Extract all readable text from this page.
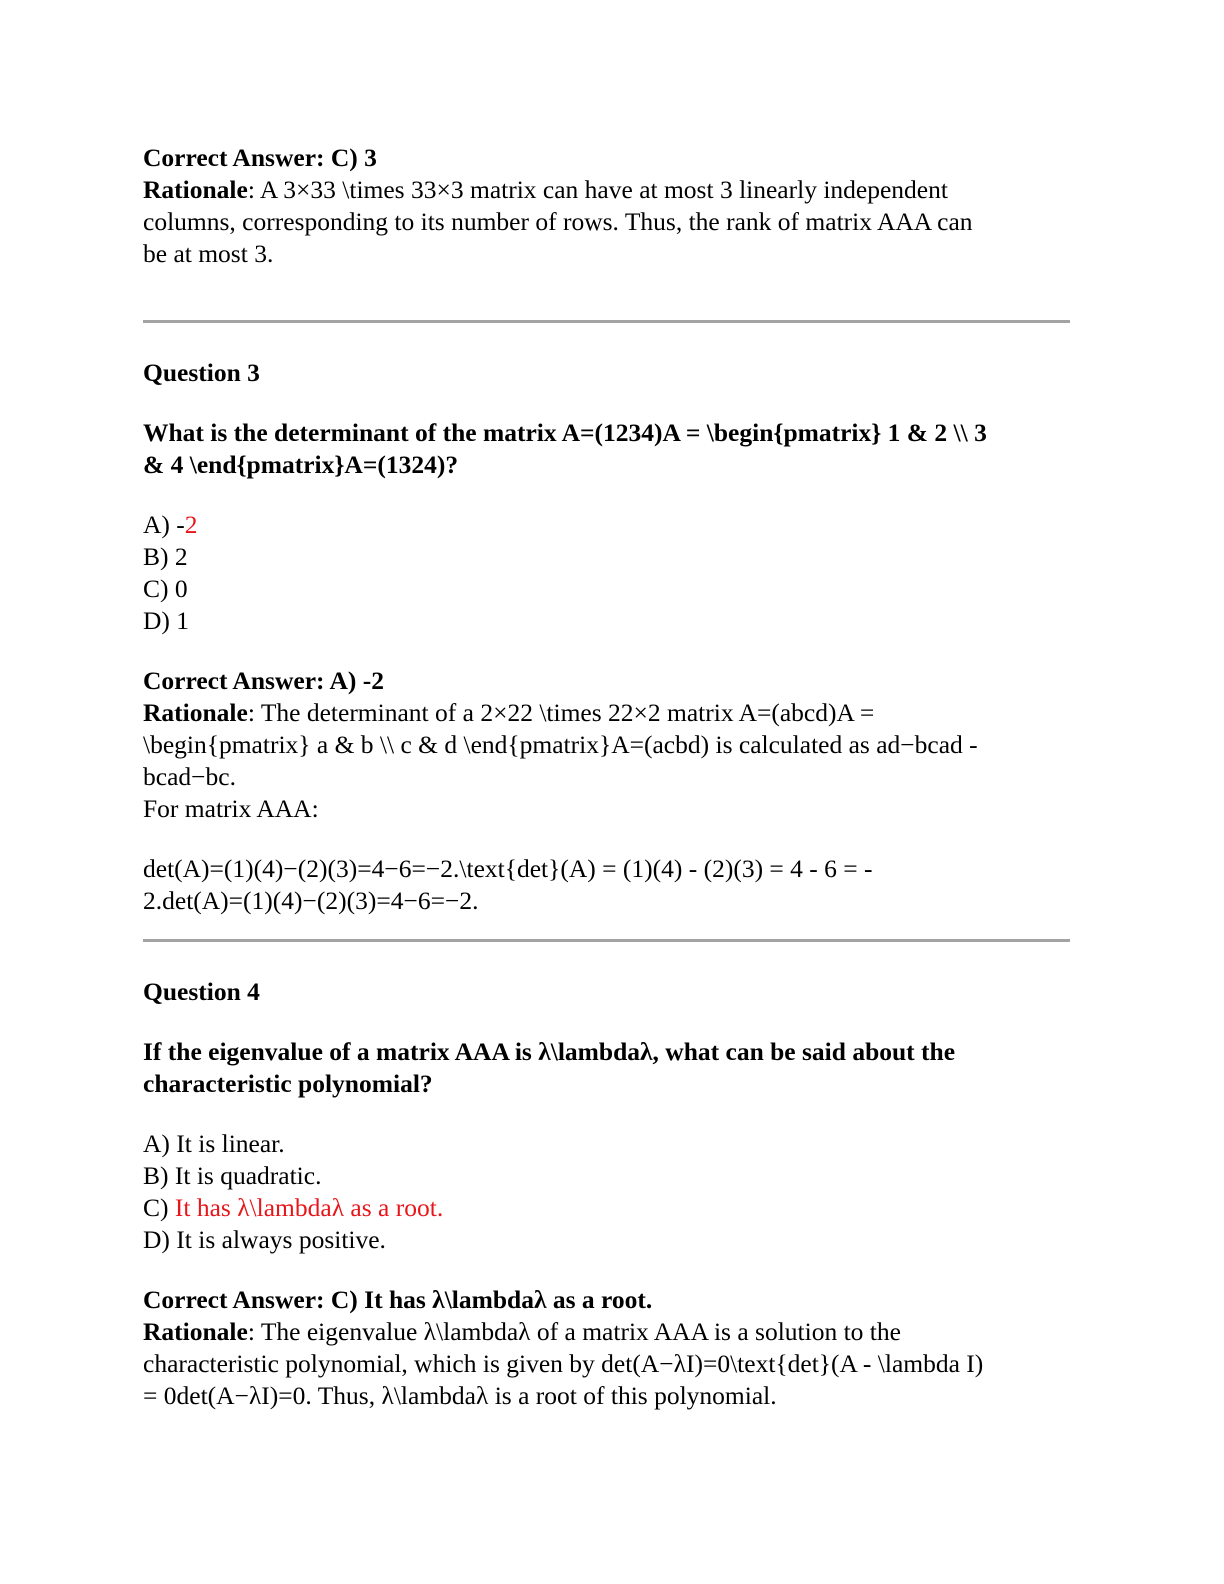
Correct Answer: C) 3
Rationale: A 3×33 \times 33×3 matrix can have at most 3 linearly independent
columns, corresponding to its number of rows. Thus, the rank of matrix AAA can
be at most 3.
Question 3
What is the determinant of the matrix A=(1234)A = \begin{pmatrix} 1 & 2 \\ 3
& 4 \end{pmatrix}A=(1324)?
A) -2
B) 2
C) 0
D) 1
Correct Answer: A) -2
Rationale: The determinant of a 2×22 \times 22×2 matrix A=(abcd)A =
\begin{pmatrix} a & b \\ c & d \end{pmatrix}A=(acbd) is calculated as ad−bcad -
bcad−bc.
For matrix AAA:
det(A)=(1)(4)−(2)(3)=4−6=−2.\text{det}(A) = (1)(4) - (2)(3) = 4 - 6 = -
2.det(A)=(1)(4)−(2)(3)=4−6=−2.
Question 4
If the eigenvalue of a matrix AAA is λ\lambdaλ, what can be said about the
characteristic polynomial?
A) It is linear.
B) It is quadratic.
C) It has λ\lambdaλ as a root.
D) It is always positive.
Correct Answer: C) It has λ\lambdaλ as a root.
Rationale: The eigenvalue λ\lambdaλ of a matrix AAA is a solution to the
characteristic polynomial, which is given by det(A−λI)=0\text{det}(A - \lambda I)
= 0det(A−λI)=0. Thus, λ\lambdaλ is a root of this polynomial.
